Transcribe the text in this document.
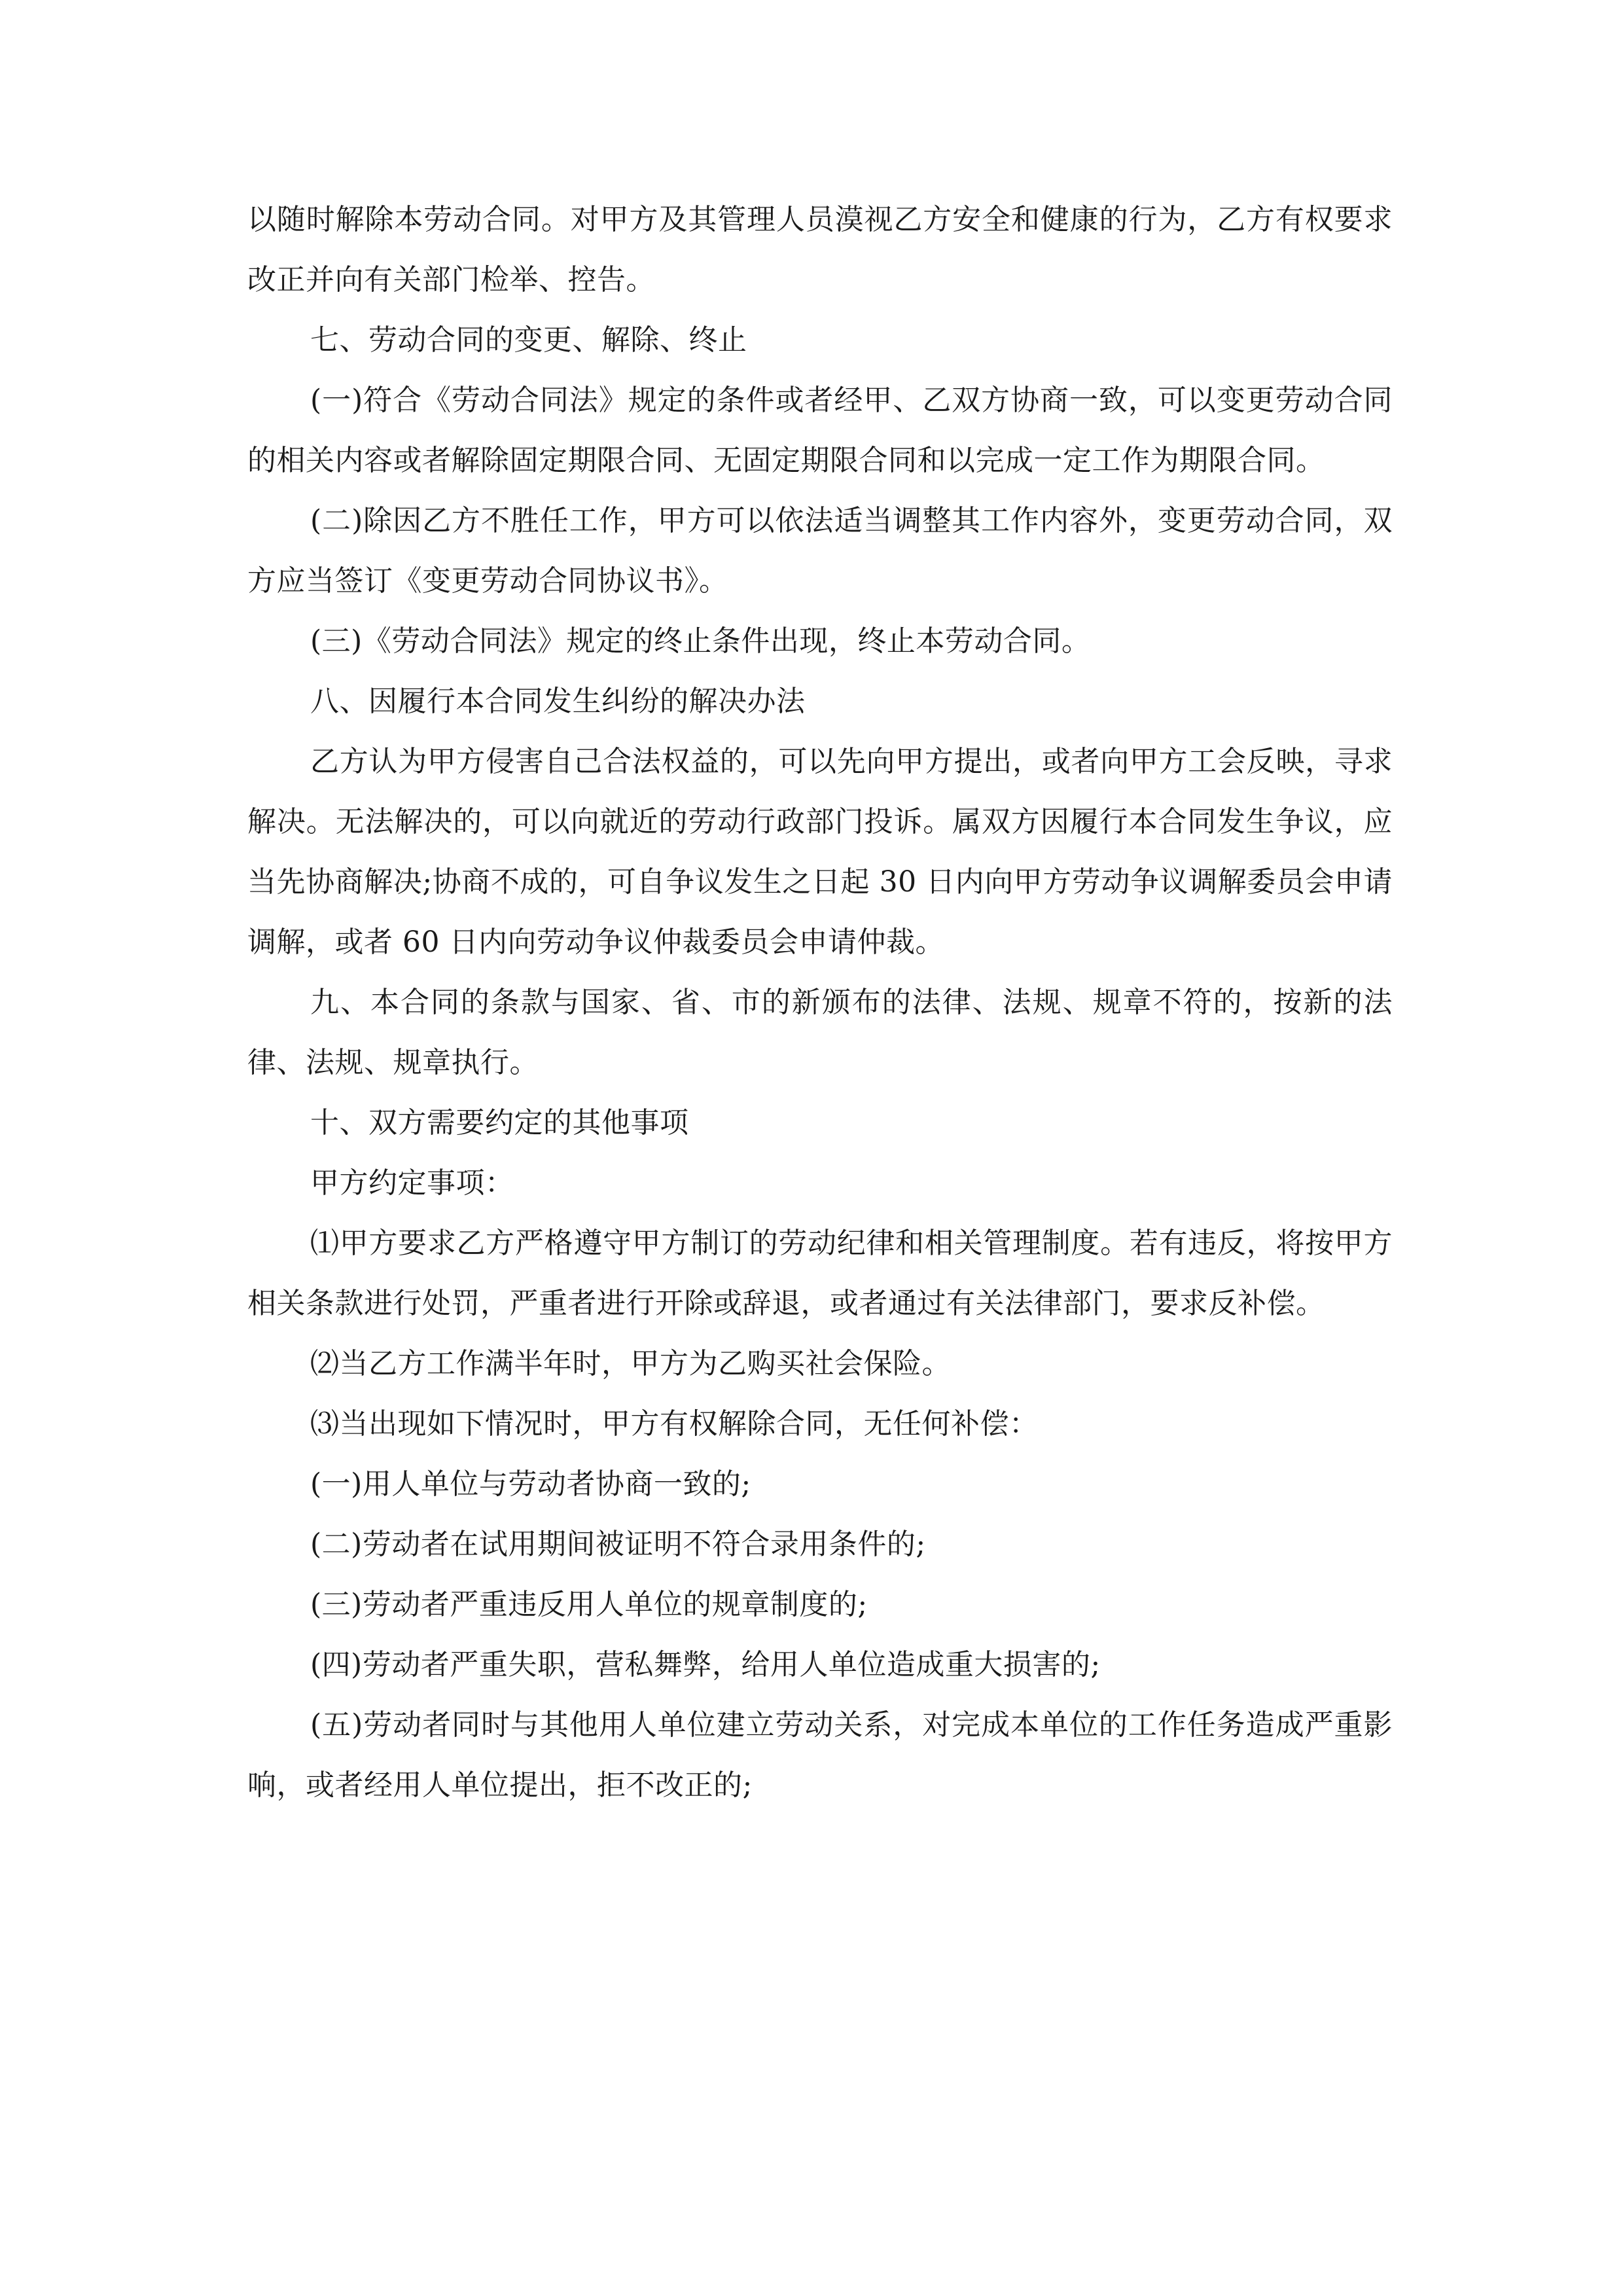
以随时解除本劳动合同。对甲方及其管理人员漠视乙方安全和健康的行为，乙方有权要求改正并向有关部门检举、控告。

七、劳动合同的变更、解除、终止

(一)符合《劳动合同法》规定的条件或者经甲、乙双方协商一致，可以变更劳动合同的相关内容或者解除固定期限合同、无固定期限合同和以完成一定工作为期限合同。

(二)除因乙方不胜任工作，甲方可以依法适当调整其工作内容外，变更劳动合同，双方应当签订《变更劳动合同协议书》。

(三)《劳动合同法》规定的终止条件出现，终止本劳动合同。

八、因履行本合同发生纠纷的解决办法

乙方认为甲方侵害自己合法权益的，可以先向甲方提出，或者向甲方工会反映，寻求解决。无法解决的，可以向就近的劳动行政部门投诉。属双方因履行本合同发生争议，应当先协商解决;协商不成的，可自争议发生之日起 30 日内向甲方劳动争议调解委员会申请调解，或者 60 日内向劳动争议仲裁委员会申请仲裁。

九、本合同的条款与国家、省、市的新颁布的法律、法规、规章不符的，按新的法律、法规、规章执行。

十、双方需要约定的其他事项

甲方约定事项：

⑴甲方要求乙方严格遵守甲方制订的劳动纪律和相关管理制度。若有违反，将按甲方相关条款进行处罚，严重者进行开除或辞退，或者通过有关法律部门，要求反补偿。

⑵当乙方工作满半年时，甲方为乙购买社会保险。

⑶当出现如下情况时，甲方有权解除合同，无任何补偿：

(一)用人单位与劳动者协商一致的;

(二)劳动者在试用期间被证明不符合录用条件的;

(三)劳动者严重违反用人单位的规章制度的;

(四)劳动者严重失职，营私舞弊，给用人单位造成重大损害的;

(五)劳动者同时与其他用人单位建立劳动关系，对完成本单位的工作任务造成严重影响，或者经用人单位提出，拒不改正的;
